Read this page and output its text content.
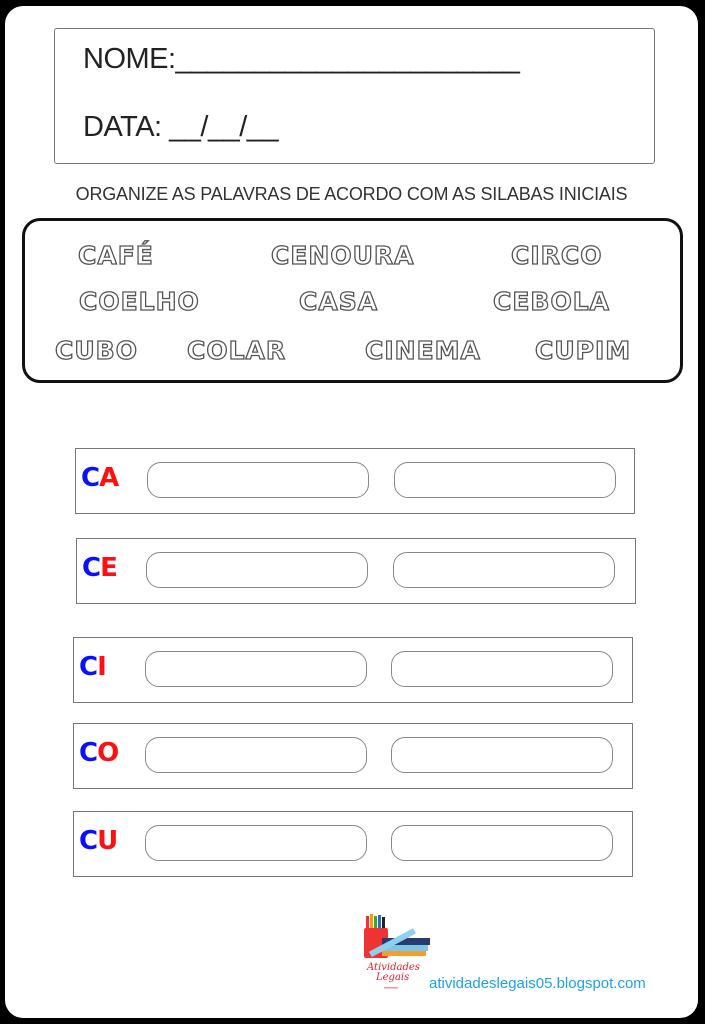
NOME:______________________
DATA: __/__/__
ORGANIZE AS PALAVRAS DE ACORDO COM AS SILABAS INICIAIS
CAFÉ	CENOURA	CIRCO
COELHO	CASA	CEBOLA
CUBO COLAR	CINEMA CUPIM
CA
CE
CI
CO
CU
Atividades
Legais atividadeslegais05.blogspot.com
